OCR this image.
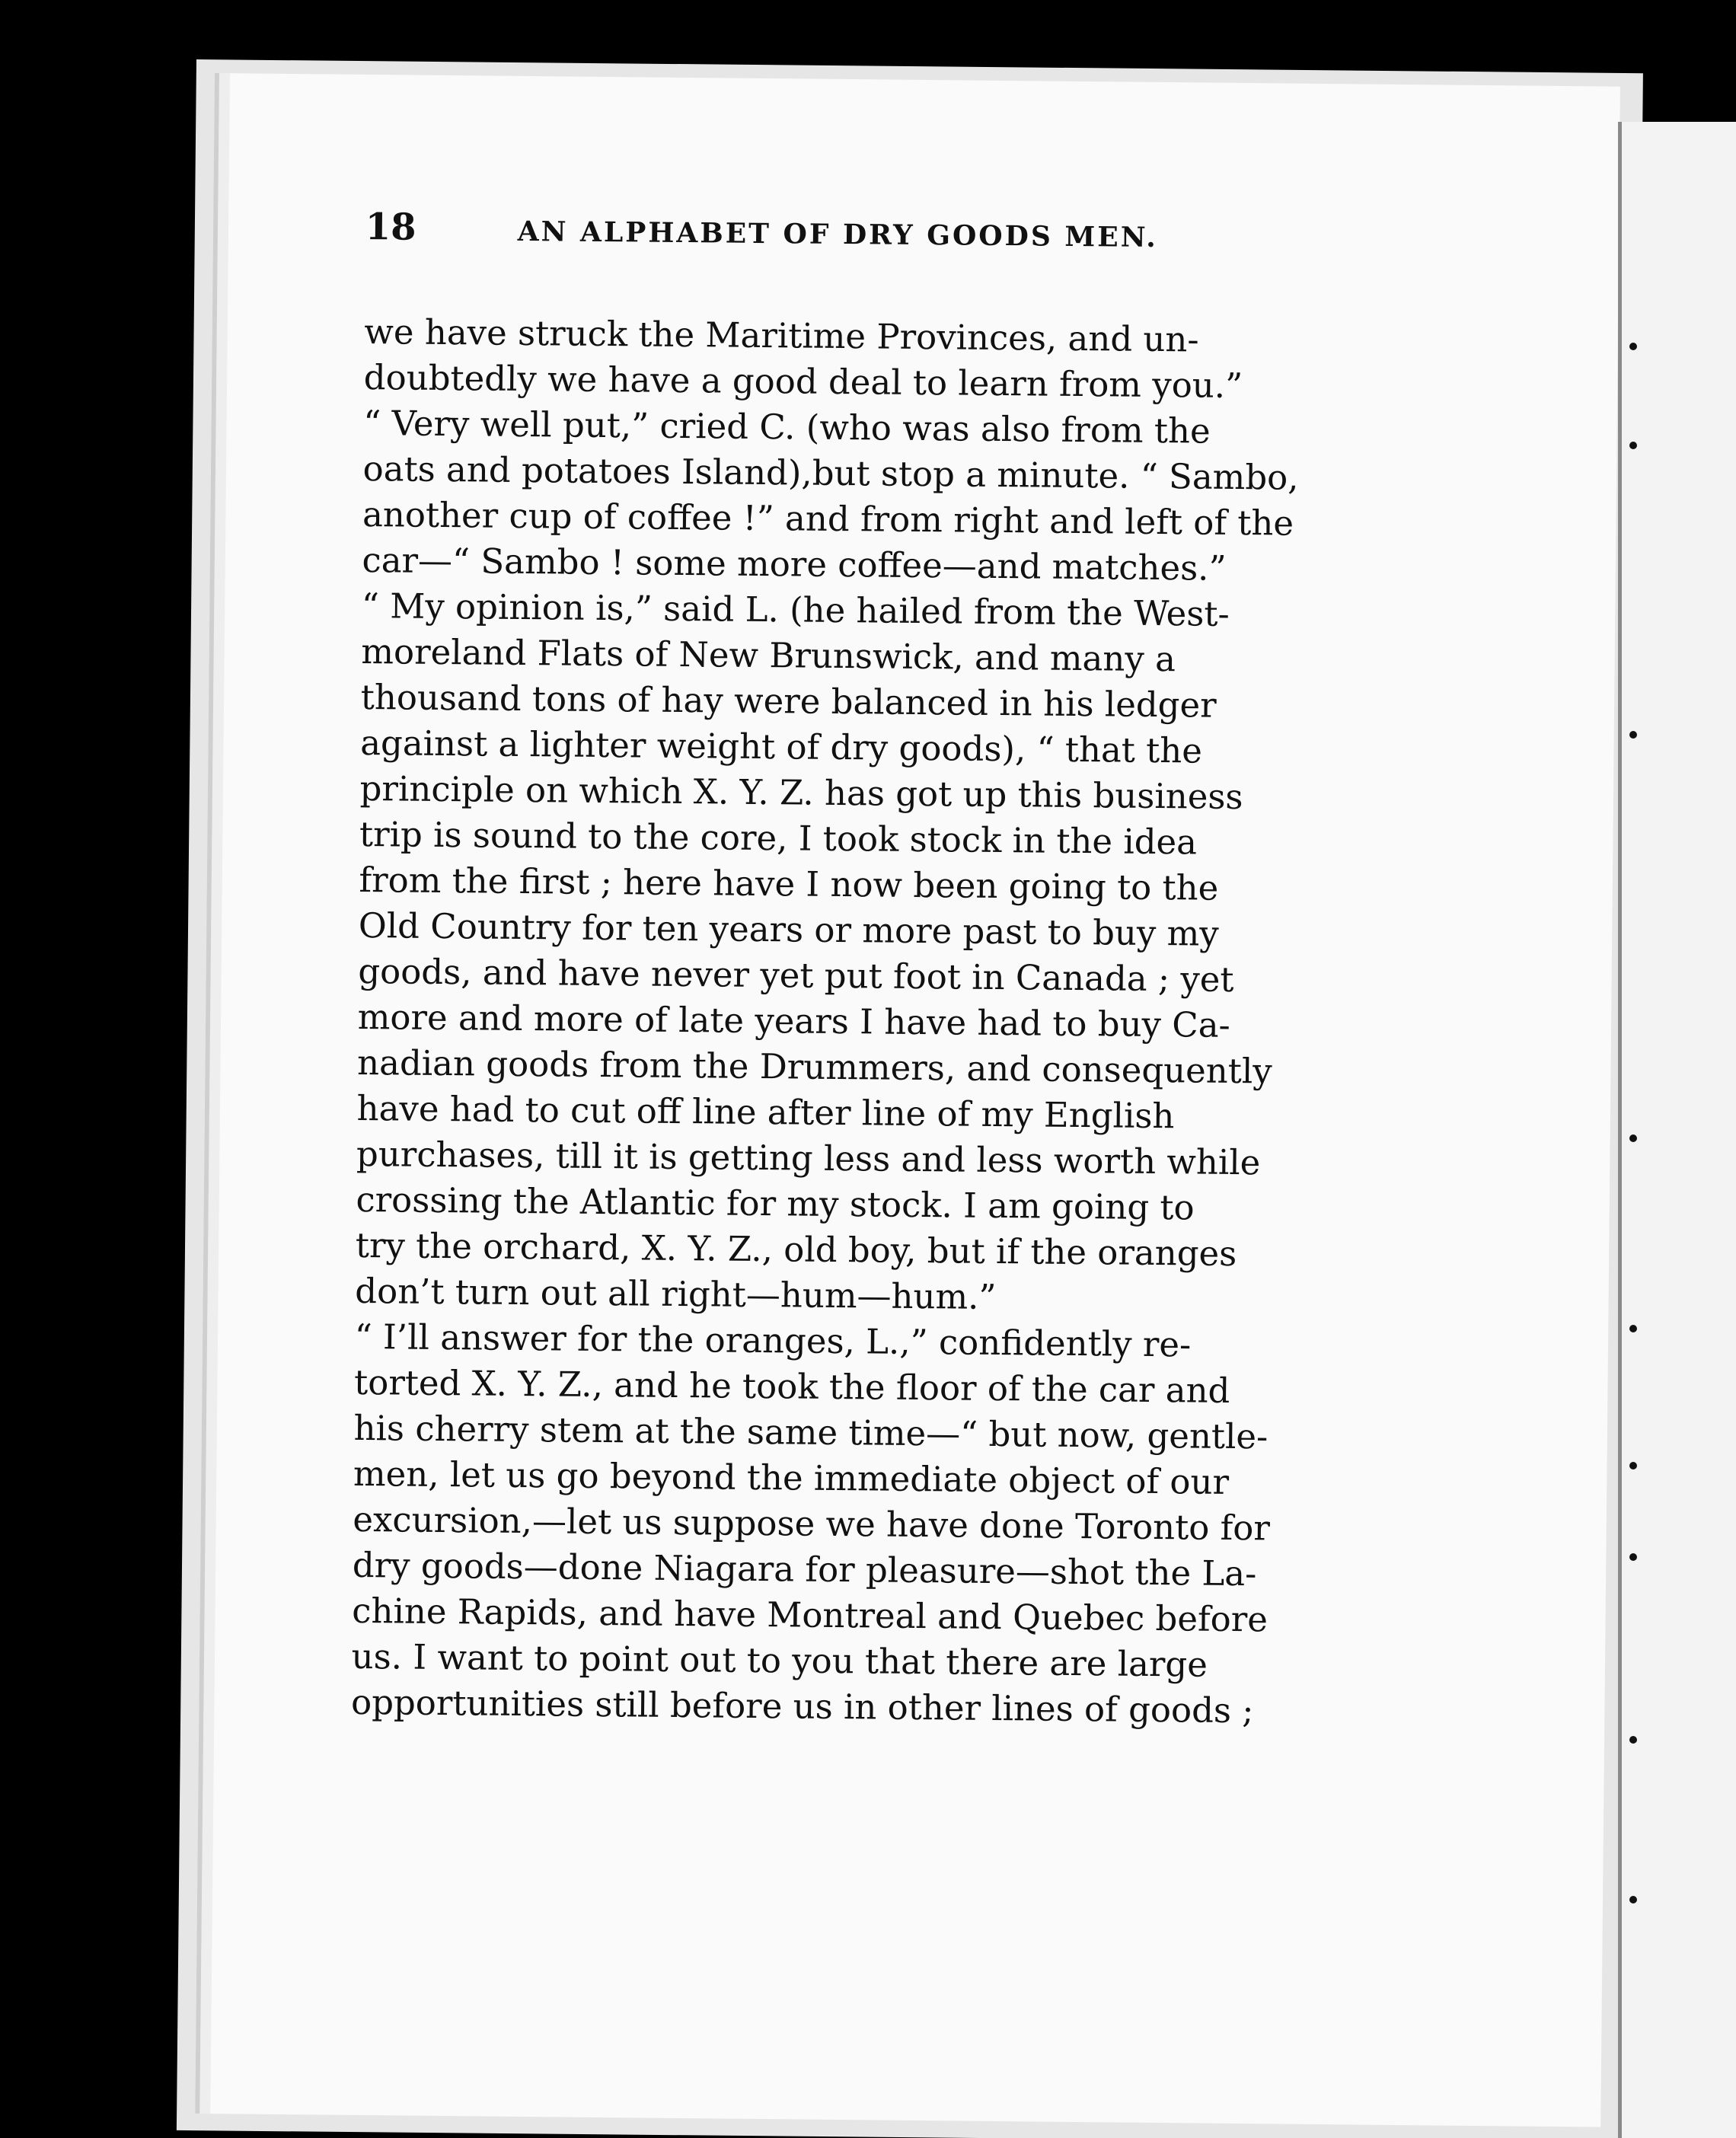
18	AN ALPHABET OF DRY GOODS MEN.
we have struck the Maritime Provinces, and un-
doubtedly we have a good deal to learn from you.”
“ Very well put,” cried C. (who was also from the
oats and potatoes Island),but stop a minute. “ Sambo,
another cup of coffee !” and from right and left of the
car—“ Sambo ! some more coffee—and matches.”
“ My opinion is,” said L. (he hailed from the West-
moreland Flats of New Brunswick, and many a
thousand tons of hay were balanced in his ledger
against a lighter weight of dry goods), “ that the
principle on which X. Y. Z. has got up this business
trip is sound to the core, I took stock in the idea
from the first ; here have I now been going to the
Old Country for ten years or more past to buy my
goods, and have never yet put foot in Canada ; yet
more and more of late years I have had to buy Ca-
nadian goods from the Drummers, and consequently
have had to cut off line after line of my English
purchases, till it is getting less and less worth while
crossing the Atlantic for my stock. I am going to
try the orchard, X. Y. Z., old boy, but if the oranges
don’t turn out all right—hum—hum.”
“ I’ll answer for the oranges, L.,” confidently re-
torted X. Y. Z., and he took the floor of the car and
his cherry stem at the same time—“ but now, gentle-
men, let us go beyond the immediate object of our
excursion,—let us suppose we have done Toronto for
dry goods—done Niagara for pleasure—shot the La-
chine Rapids, and have Montreal and Quebec before
us. I want to point out to you that there are large
opportunities still before us in other lines of goods ;
